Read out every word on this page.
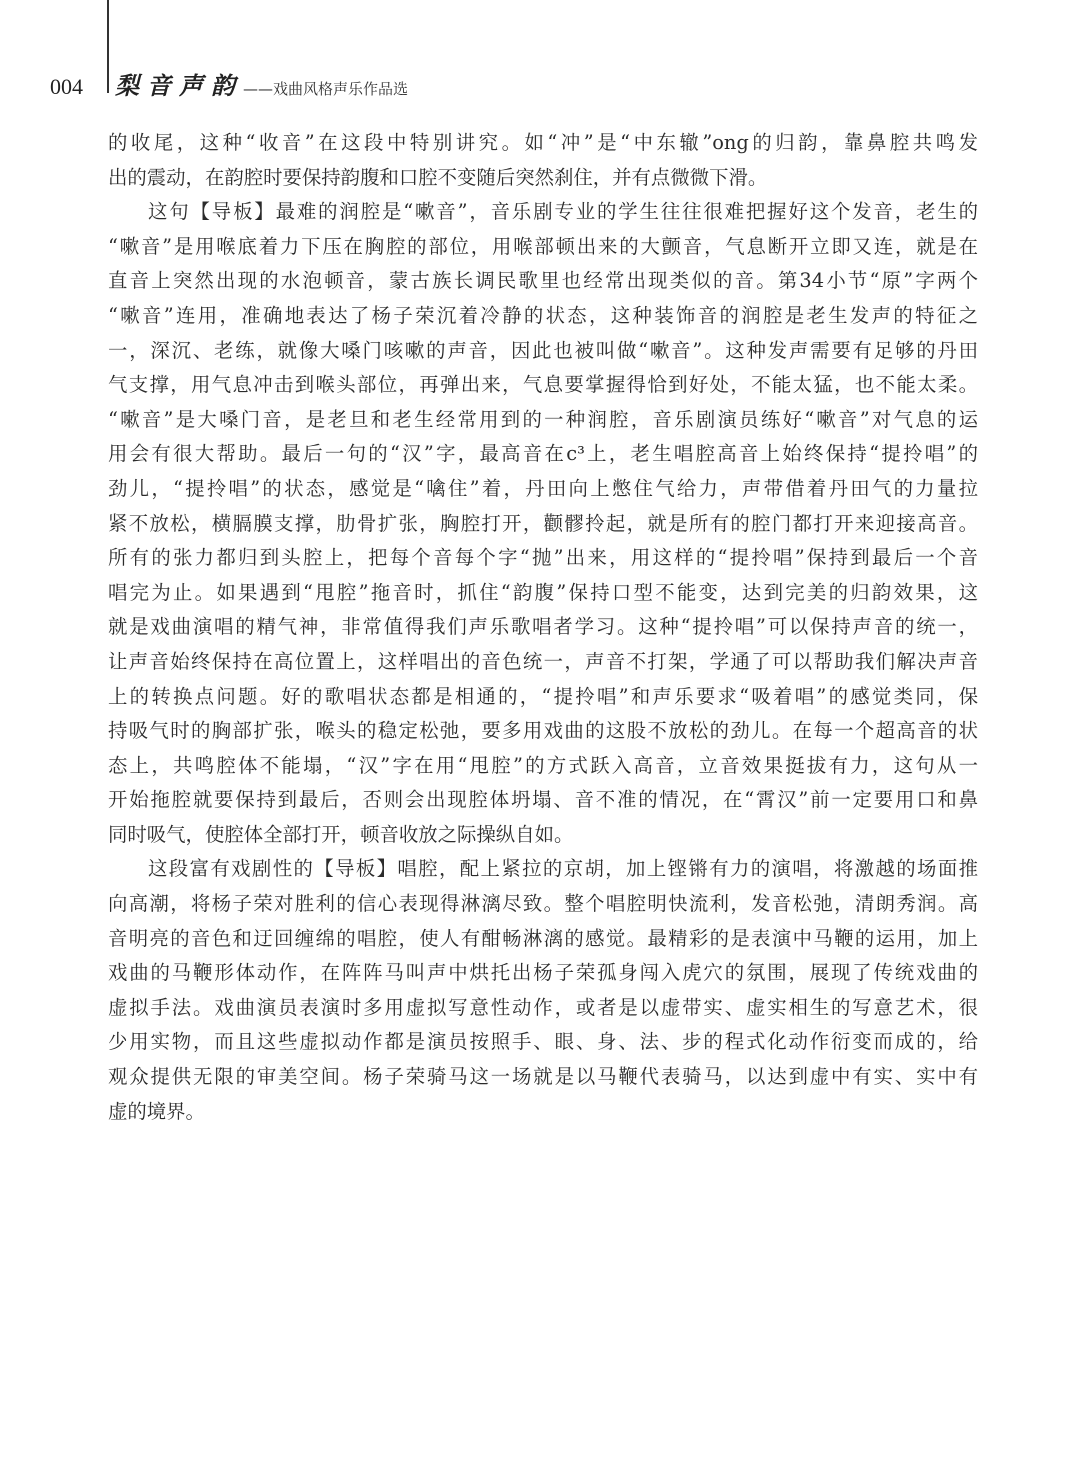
004	梨音声韵 ——戏曲风格声乐作品选
的收尾，这种“收音”在这段中特别讲究。如“冲”是“中东辙”ong的归韵，靠鼻腔共鸣发
出的震动，在韵腔时要保持韵腹和口腔不变随后突然刹住，并有点微微下滑。
这句【导板】最难的润腔是“嗽音”，音乐剧专业的学生往往很难把握好这个发音，老生的
“嗽音”是用喉底着力下压在胸腔的部位，用喉部顿出来的大颤音，气息断开立即又连，就是在
直音上突然出现的水泡顿音，蒙古族长调民歌里也经常出现类似的音。第34小节“原”字两个
“嗽音”连用，准确地表达了杨子荣沉着冷静的状态，这种装饰音的润腔是老生发声的特征之
一，深沉、老练，就像大嗓门咳嗽的声音，因此也被叫做“嗽音”。这种发声需要有足够的丹田
气支撑，用气息冲击到喉头部位，再弹出来，气息要掌握得恰到好处，不能太猛，也不能太柔。
“嗽音”是大嗓门音，是老旦和老生经常用到的一种润腔，音乐剧演员练好“嗽音”对气息的运
用会有很大帮助。最后一句的“汉”字，最高音在c³上，老生唱腔高音上始终保持“提拎唱”的
劲儿，“提拎唱”的状态，感觉是“噙住”着，丹田向上憋住气给力，声带借着丹田气的力量拉
紧不放松，横膈膜支撑，肋骨扩张，胸腔打开，颧髎拎起，就是所有的腔门都打开来迎接高音。
所有的张力都归到头腔上，把每个音每个字“抛”出来，用这样的“提拎唱”保持到最后一个音
唱完为止。如果遇到“甩腔”拖音时，抓住“韵腹”保持口型不能变，达到完美的归韵效果，这
就是戏曲演唱的精气神，非常值得我们声乐歌唱者学习。这种“提拎唱”可以保持声音的统一，
让声音始终保持在高位置上，这样唱出的音色统一，声音不打架，学通了可以帮助我们解决声音
上的转换点问题。好的歌唱状态都是相通的，“提拎唱”和声乐要求“吸着唱”的感觉类同，保
持吸气时的胸部扩张，喉头的稳定松弛，要多用戏曲的这股不放松的劲儿。在每一个超高音的状
态上，共鸣腔体不能塌，“汉”字在用“甩腔”的方式跃入高音，立音效果挺拔有力，这句从一
开始拖腔就要保持到最后，否则会出现腔体坍塌、音不准的情况，在“霄汉”前一定要用口和鼻
同时吸气，使腔体全部打开，顿音收放之际操纵自如。
这段富有戏剧性的【导板】唱腔，配上紧拉的京胡，加上铿锵有力的演唱，将激越的场面推
向高潮，将杨子荣对胜利的信心表现得淋漓尽致。整个唱腔明快流利，发音松弛，清朗秀润。高
音明亮的音色和迂回缠绵的唱腔，使人有酣畅淋漓的感觉。最精彩的是表演中马鞭的运用，加上
戏曲的马鞭形体动作，在阵阵马叫声中烘托出杨子荣孤身闯入虎穴的氛围，展现了传统戏曲的
虚拟手法。戏曲演员表演时多用虚拟写意性动作，或者是以虚带实、虚实相生的写意艺术，很
少用实物，而且这些虚拟动作都是演员按照手、眼、身、法、步的程式化动作衍变而成的，给
观众提供无限的审美空间。杨子荣骑马这一场就是以马鞭代表骑马，以达到虚中有实、实中有
虚的境界。
